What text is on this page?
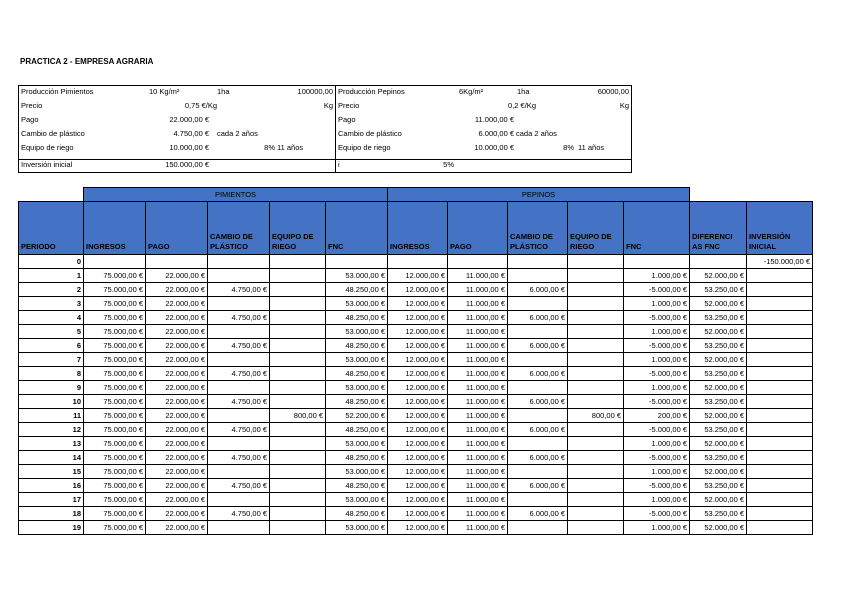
PRACTICA 2 - EMPRESA AGRARIA
Producción Pimientos	10 Kg/m²	1ha	100000,00 Producción Pepinos	6Kg/m²	1ha	60000,00
Precio	0,75 €/Kg	Kg Precio	0,2 €/Kg	Kg
Pago	22.000,00 €	Pago	11.000,00 €
Cambio de plástico	4.750,00 € cada 2 años	Cambio de plástico	6.000,00 € cada 2 años
Equipo de riego	10.000,00 €	8% 11 años	Equipo de riego	10.000,00 €	8% 11 años
Inversión inicial	150.000,00 €	i	5%
	PIMIENTOS					PEPINOS						
PERIODO	INGRESOS	PAGO	CAMBIO DE PLÁSTICO	EQUIPO DE RIEGO	FNC	INGRESOS	PAGO	CAMBIO DE PLÁSTICO	EQUIPO DE RIEGO	FNC	DIFERENCI AS FNC	INVERSIÓN INICIAL
0												-150.000,00 €
1	75.000,00 €	22.000,00 €			53.000,00 €	12.000,00 €	11.000,00 €			1.000,00 €	52.000,00 €	
2	75.000,00 €	22.000,00 €	4.750,00 €		48.250,00 €	12.000,00 €	11.000,00 €	6.000,00 €		-5.000,00 €	53.250,00 €	
3	75.000,00 €	22.000,00 €			53.000,00 €	12.000,00 €	11.000,00 €			1.000,00 €	52.000,00 €	
4	75.000,00 €	22.000,00 €	4.750,00 €		48.250,00 €	12.000,00 €	11.000,00 €	6.000,00 €		-5.000,00 €	53.250,00 €	
5	75.000,00 €	22.000,00 €			53.000,00 €	12.000,00 €	11.000,00 €			1.000,00 €	52.000,00 €	
6	75.000,00 €	22.000,00 €	4.750,00 €		48.250,00 €	12.000,00 €	11.000,00 €	6.000,00 €		-5.000,00 €	53.250,00 €	
7	75.000,00 €	22.000,00 €			53.000,00 €	12.000,00 €	11.000,00 €			1.000,00 €	52.000,00 €	
8	75.000,00 €	22.000,00 €	4.750,00 €		48.250,00 €	12.000,00 €	11.000,00 €	6.000,00 €		-5.000,00 €	53.250,00 €	
9	75.000,00 €	22.000,00 €			53.000,00 €	12.000,00 €	11.000,00 €			1.000,00 €	52.000,00 €	
10	75.000,00 €	22.000,00 €	4.750,00 €		48.250,00 €	12.000,00 €	11.000,00 €	6.000,00 €		-5.000,00 €	53.250,00 €	
11	75.000,00 €	22.000,00 €		800,00 €	52.200,00 €	12.000,00 €	11.000,00 €		800,00 €	200,00 €	52.000,00 €	
12	75.000,00 €	22.000,00 €	4.750,00 €		48.250,00 €	12.000,00 €	11.000,00 €	6.000,00 €		-5.000,00 €	53.250,00 €	
13	75.000,00 €	22.000,00 €			53.000,00 €	12.000,00 €	11.000,00 €			1.000,00 €	52.000,00 €	
14	75.000,00 €	22.000,00 €	4.750,00 €		48.250,00 €	12.000,00 €	11.000,00 €	6.000,00 €		-5.000,00 €	53.250,00 €	
15	75.000,00 €	22.000,00 €			53.000,00 €	12.000,00 €	11.000,00 €			1.000,00 €	52.000,00 €	
16	75.000,00 €	22.000,00 €	4.750,00 €		48.250,00 €	12.000,00 €	11.000,00 €	6.000,00 €		-5.000,00 €	53.250,00 €	
17	75.000,00 €	22.000,00 €			53.000,00 €	12.000,00 €	11.000,00 €			1.000,00 €	52.000,00 €	
18	75.000,00 €	22.000,00 €	4.750,00 €		48.250,00 €	12.000,00 €	11.000,00 €	6.000,00 €		-5.000,00 €	53.250,00 €	
19	75.000,00 €	22.000,00 €			53.000,00 €	12.000,00 €	11.000,00 €			1.000,00 €	52.000,00 €	
